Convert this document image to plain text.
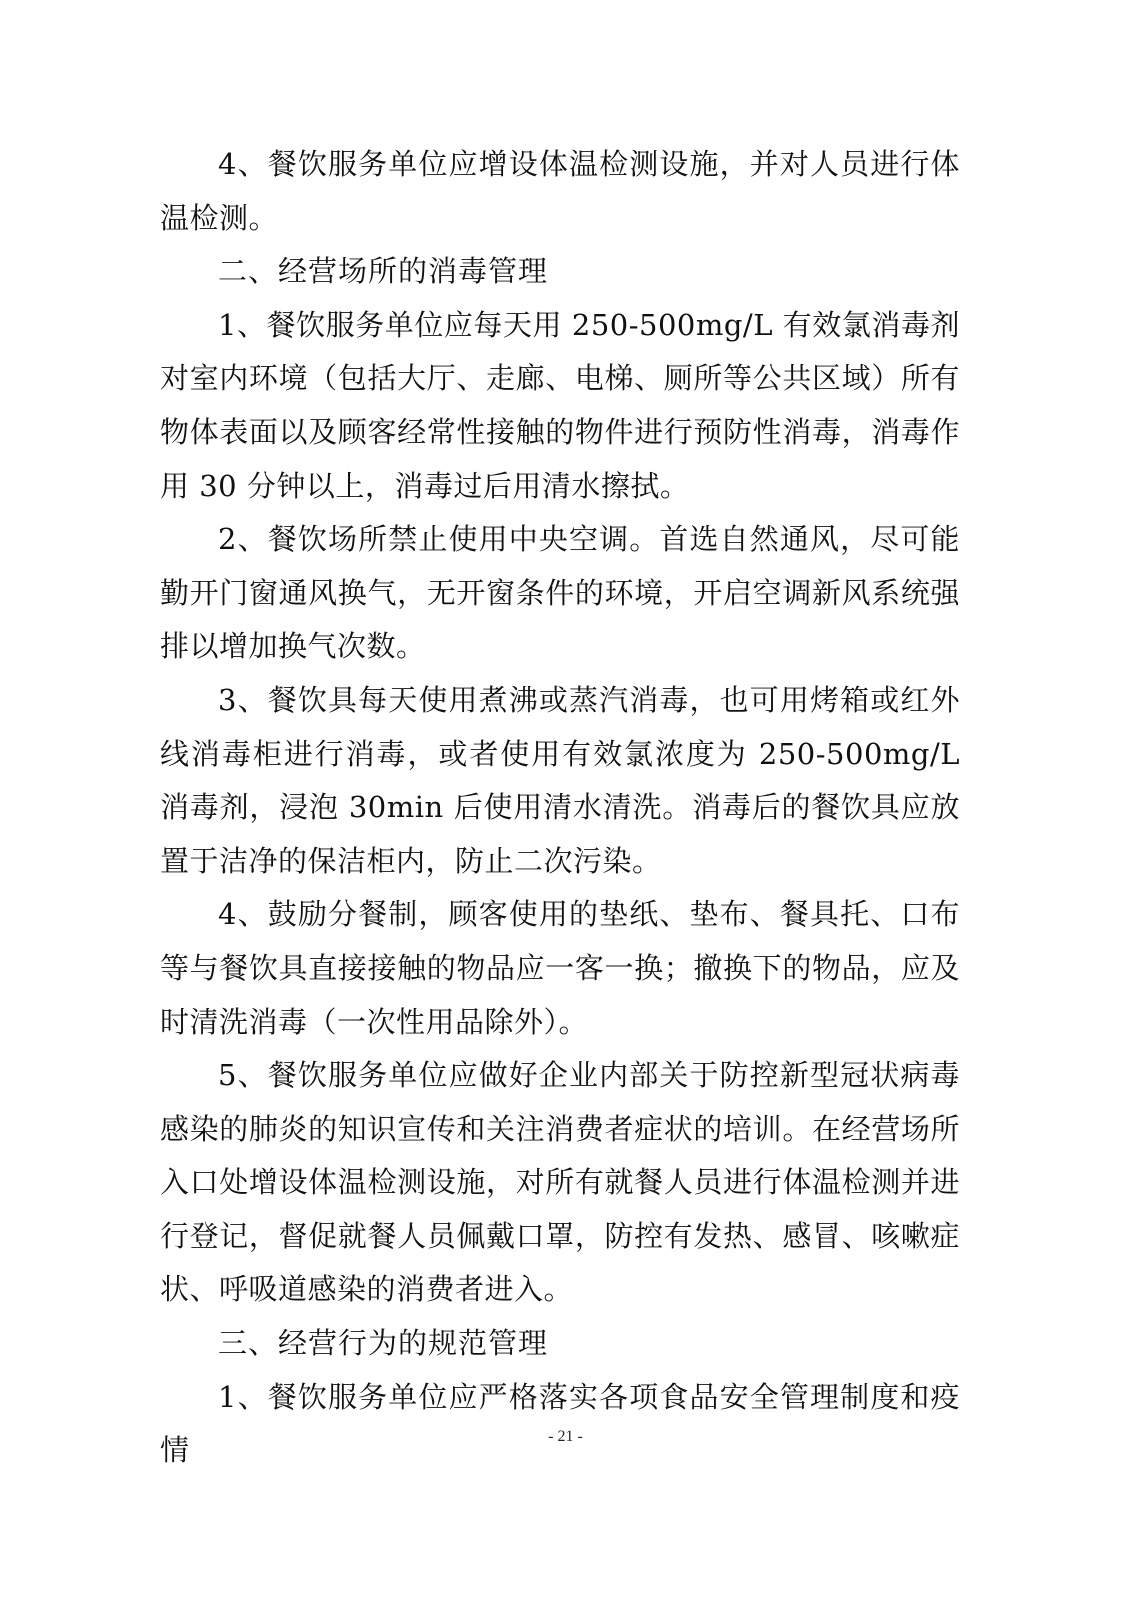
4、餐饮服务单位应增设体温检测设施，并对人员进行体温检测。

二、经营场所的消毒管理

1、餐饮服务单位应每天用 250-500mg/L 有效氯消毒剂对室内环境（包括大厅、走廊、电梯、厕所等公共区域）所有物体表面以及顾客经常性接触的物件进行预防性消毒，消毒作用 30 分钟以上，消毒过后用清水擦拭。

2、餐饮场所禁止使用中央空调。首选自然通风，尽可能勤开门窗通风换气，无开窗条件的环境，开启空调新风系统强排以增加换气次数。

3、餐饮具每天使用煮沸或蒸汽消毒，也可用烤箱或红外线消毒柜进行消毒，或者使用有效氯浓度为 250-500mg/L 消毒剂，浸泡 30min 后使用清水清洗。消毒后的餐饮具应放置于洁净的保洁柜内，防止二次污染。

4、鼓励分餐制，顾客使用的垫纸、垫布、餐具托、口布等与餐饮具直接接触的物品应一客一换；撤换下的物品，应及时清洗消毒（一次性用品除外）。

5、餐饮服务单位应做好企业内部关于防控新型冠状病毒感染的肺炎的知识宣传和关注消费者症状的培训。在经营场所入口处增设体温检测设施，对所有就餐人员进行体温检测并进行登记，督促就餐人员佩戴口罩，防控有发热、感冒、咳嗽症状、呼吸道感染的消费者进入。

三、经营行为的规范管理

1、餐饮服务单位应严格落实各项食品安全管理制度和疫情	- 21 -
